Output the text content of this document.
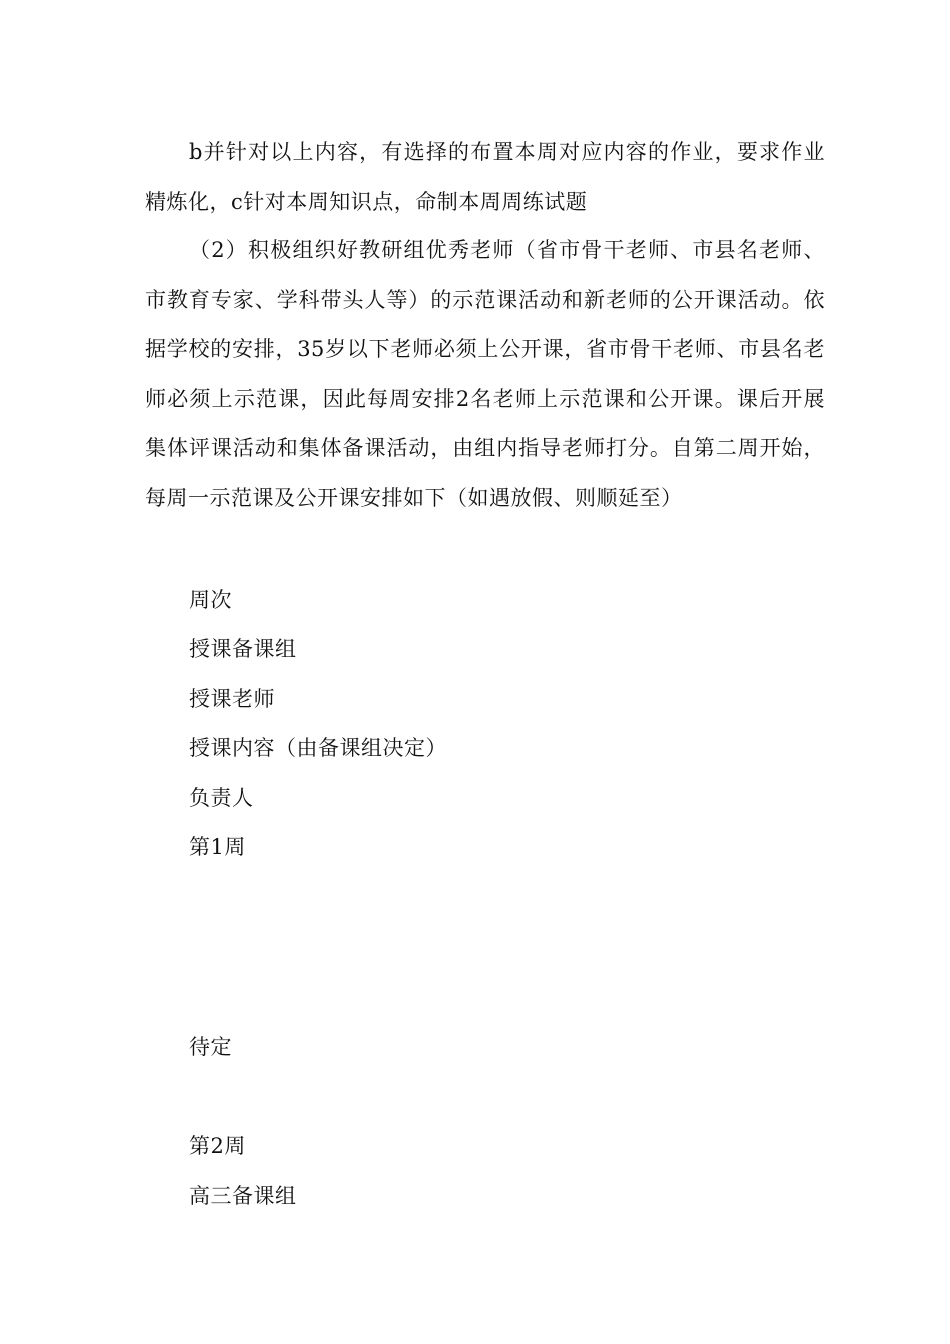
b并针对以上内容，有选择的布置本周对应内容的作业，要求作业精炼化，c针对本周知识点，命制本周周练试题

（2）积极组织好教研组优秀老师（省市骨干老师、市县名老师、市教育专家、学科带头人等）的示范课活动和新老师的公开课活动。依据学校的安排，35岁以下老师必须上公开课，省市骨干老师、市县名老师必须上示范课，因此每周安排2名老师上示范课和公开课。课后开展集体评课活动和集体备课活动，由组内指导老师打分。自第二周开始，每周一示范课及公开课安排如下（如遇放假、则顺延至）

周次
授课备课组
授课老师
授课内容（由备课组决定）
负责人
第1周
待定
第2周
高三备课组
